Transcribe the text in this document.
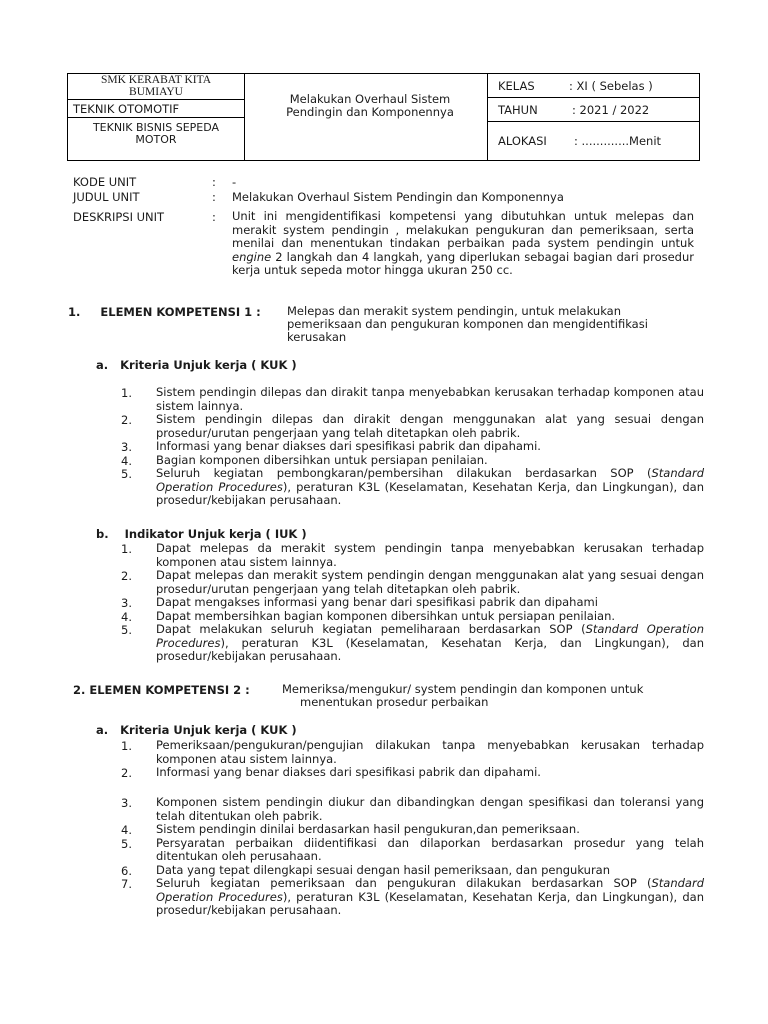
SMK KERABAT KITA BUMIAYU
TEKNIK OTOMOTIF
TEKNIK BISNIS SEPEDA MOTOR
Melakukan Overhaul Sistem Pendingin dan Komponennya
KELAS	: XI ( Sebelas )
TAHUN	: 2021 / 2022
ALOKASI : .............Menit
KODE UNIT	: -
JUDUL UNIT	: Melakukan Overhaul Sistem Pendingin dan Komponennya
DESKRIPSI UNIT	: Unit ini mengidentifikasi kompetensi yang dibutuhkan untuk melepas dan merakit system pendingin , melakukan pengukuran dan pemeriksaan, serta menilai dan menentukan tindakan perbaikan pada system pendingin untuk engine 2 langkah dan 4 langkah, yang diperlukan sebagai bagian dari prosedur kerja untuk sepeda motor hingga ukuran 250 cc.
1.     ELEMEN KOMPETENSI 1 : Melepas dan merakit system pendingin, untuk melakukan
pemeriksaan dan pengukuran komponen dan mengidentifikasi
kerusakan
a.   Kriteria Unjuk kerja ( KUK )
1.	Sistem pendingin dilepas dan dirakit tanpa menyebabkan kerusakan terhadap komponen atau sistem lainnya.
2.	Sistem pendingin dilepas dan dirakit dengan menggunakan alat yang sesuai dengan prosedur/urutan pengerjaan yang telah ditetapkan oleh pabrik.
3.	Informasi yang benar diakses dari spesifikasi pabrik dan dipahami.
4.	Bagian komponen dibersihkan untuk persiapan penilaian.
5.	Seluruh kegiatan pembongkaran/pembersihan dilakukan berdasarkan SOP (Standard Operation Procedures), peraturan K3L (Keselamatan, Kesehatan Kerja, dan Lingkungan), dan prosedur/kebijakan perusahaan.
b.    Indikator Unjuk kerja ( IUK )
1.	Dapat melepas da merakit system pendingin tanpa menyebabkan kerusakan terhadap komponen atau sistem lainnya.
2.	Dapat melepas dan merakit system pendingin dengan menggunakan alat yang sesuai dengan prosedur/urutan pengerjaan yang telah ditetapkan oleh pabrik.
3.	Dapat mengakses informasi yang benar dari spesifikasi pabrik dan dipahami
4.	Dapat membersihkan bagian komponen dibersihkan untuk persiapan penilaian.
5.	Dapat melakukan seluruh kegiatan pemeliharaan berdasarkan SOP (Standard Operation Procedures), peraturan K3L (Keselamatan, Kesehatan Kerja, dan Lingkungan), dan prosedur/kebijakan perusahaan.
2. ELEMEN KOMPETENSI 2 :	Memeriksa/mengukur/ system pendingin dan komponen untuk
menentukan prosedur perbaikan
a.   Kriteria Unjuk kerja ( KUK )
1.	Pemeriksaan/pengukuran/pengujian dilakukan tanpa menyebabkan kerusakan terhadap komponen atau sistem lainnya.
2.	Informasi yang benar diakses dari spesifikasi pabrik dan dipahami.
3.	Komponen sistem pendingin diukur dan dibandingkan dengan spesifikasi dan toleransi yang telah ditentukan oleh pabrik.
4.	Sistem pendingin dinilai berdasarkan hasil pengukuran,dan pemeriksaan.
5.	Persyaratan perbaikan diidentifikasi dan dilaporkan berdasarkan prosedur yang telah ditentukan oleh perusahaan.
6.	Data yang tepat dilengkapi sesuai dengan hasil pemeriksaan, dan pengukuran
7.	Seluruh kegiatan pemeriksaan dan pengukuran dilakukan berdasarkan SOP (Standard Operation Procedures), peraturan K3L (Keselamatan, Kesehatan Kerja, dan Lingkungan), dan prosedur/kebijakan perusahaan.
